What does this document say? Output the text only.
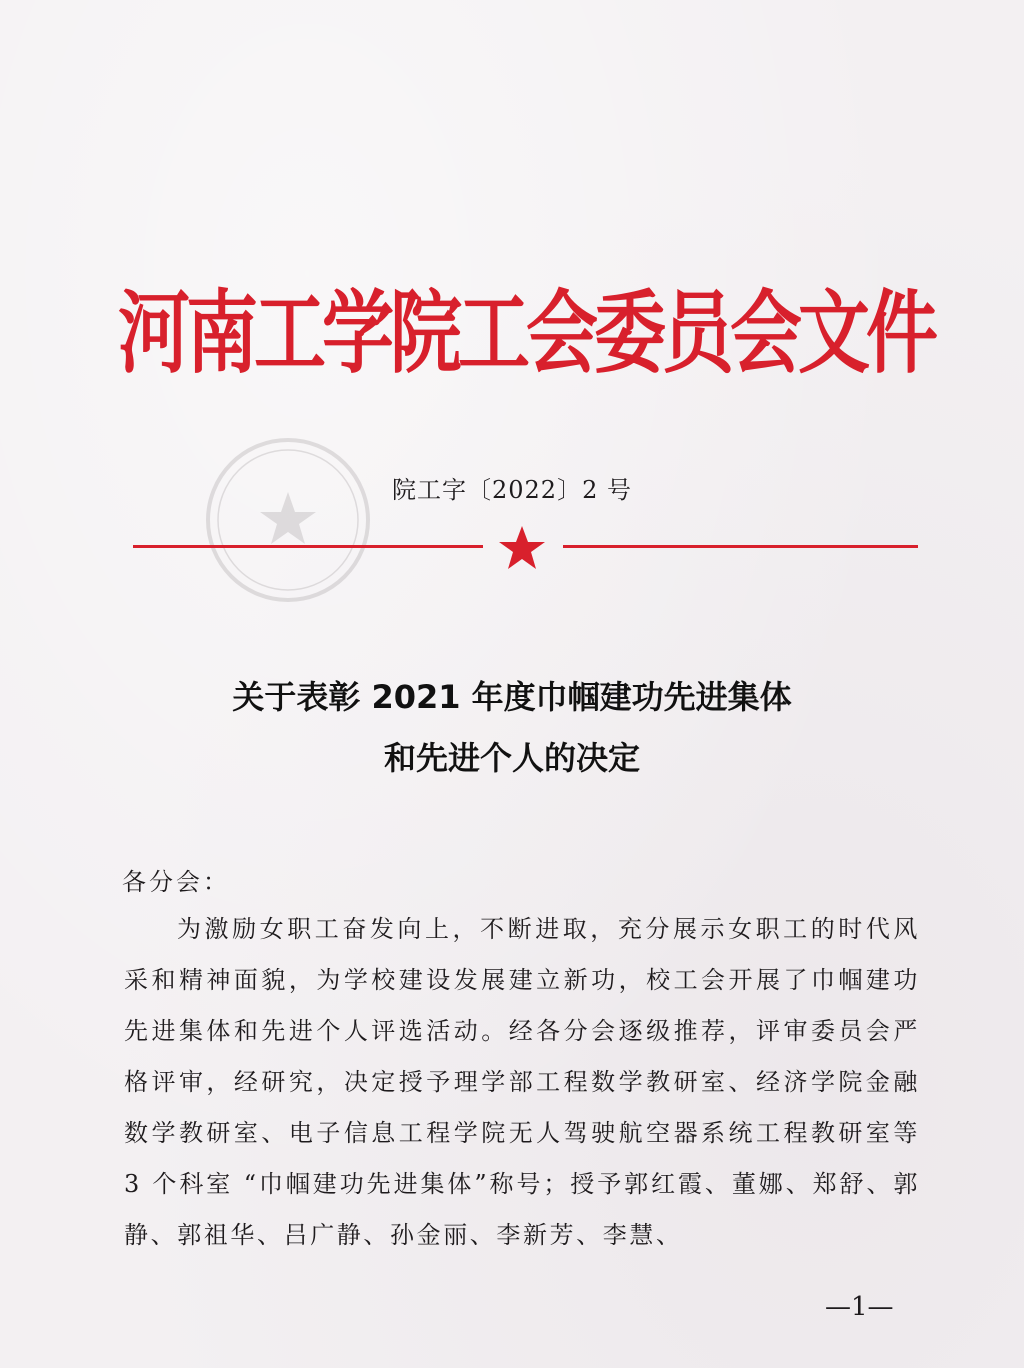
河南工学院工会委员会文件
院工字〔2022〕2 号
关于表彰 2021 年度巾帼建功先进集体
和先进个人的决定
各分会：
为激励女职工奋发向上，不断进取，充分展示女职工的时代风采和精神面貌，为学校建设发展建立新功，校工会开展了巾帼建功先进集体和先进个人评选活动。经各分会逐级推荐，评审委员会严格评审，经研究，决定授予理学部工程数学教研室、经济学院金融数学教研室、电子信息工程学院无人驾驶航空器系统工程教研室等 3 个科室 “巾帼建功先进集体”称号；授予郭红霞、董娜、郑舒、郭静、郭祖华、吕广静、孙金丽、李新芳、李慧、
—1—
